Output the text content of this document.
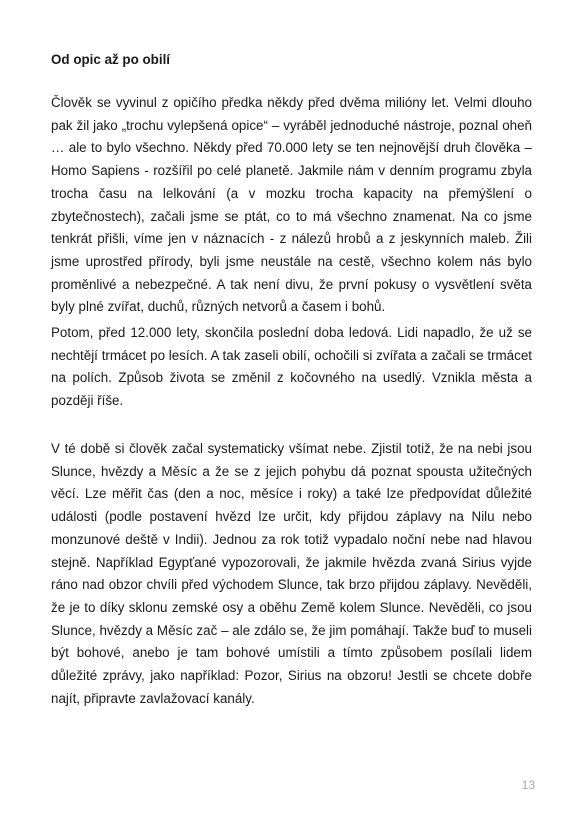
Od opic až po obilí

Člověk se vyvinul z opičího předka někdy před dvěma milióny let. Velmi dlouho pak žil jako „trochu vylepšená opice“ – vyráběl jednoduché nástroje, poznal oheň … ale to bylo všechno. Někdy před 70.000 lety se ten nejnovější druh člověka – Homo Sapiens - rozšířil po celé planetě. Jakmile nám v denním programu zbyla trocha času na lelkování (a v mozku trocha kapacity na přemýšlení o zbytečnostech), začali jsme se ptát, co to má všechno znamenat. Na co jsme tenkrát přišli, víme jen v náznacích - z nálezů hrobů a z jeskynních maleb. Žili jsme uprostřed přírody, byli jsme neustále na cestě, všechno kolem nás bylo proměnlivé a nebezpečné. A tak není divu, že první pokusy o vysvětlení světa byly plné zvířat, duchů, různých netvorů a časem i bohů.

Potom, před 12.000 lety, skončila poslední doba ledová. Lidi napadlo, že už se nechtějí trmácet po lesích. A tak zaseli obilí, ochočili si zvířata a začali se trmácet na polích. Způsob života se změnil z kočovného na usedlý. Vznikla města a později říše.

V té době si člověk začal systematicky všímat nebe. Zjistil totiž, že na nebi jsou Slunce, hvězdy a Měsíc a že se z jejich pohybu dá poznat spousta užitečných věcí. Lze měřit čas (den a noc, měsíce i roky) a také lze předpovídat důležité události (podle postavení hvězd lze určit, kdy přijdou záplavy na Nilu nebo monzunové deště v Indii). Jednou za rok totiž vypadalo noční nebe nad hlavou stejně. Například Egypťané vypozorovali, že jakmile hvězda zvaná Sirius vyjde ráno nad obzor chvíli před východem Slunce, tak brzo přijdou záplavy. Nevěděli, že je to díky sklonu zemské osy a oběhu Země kolem Slunce. Nevěděli, co jsou Slunce, hvězdy a Měsíc zač – ale zdálo se, že jim pomáhají. Takže buď to museli být bohové, anebo je tam bohové umístili a tímto způsobem posílali lidem důležité zprávy, jako například: Pozor, Sirius na obzoru! Jestli se chcete dobře najít, připravte zavlažovací kanály.

13
